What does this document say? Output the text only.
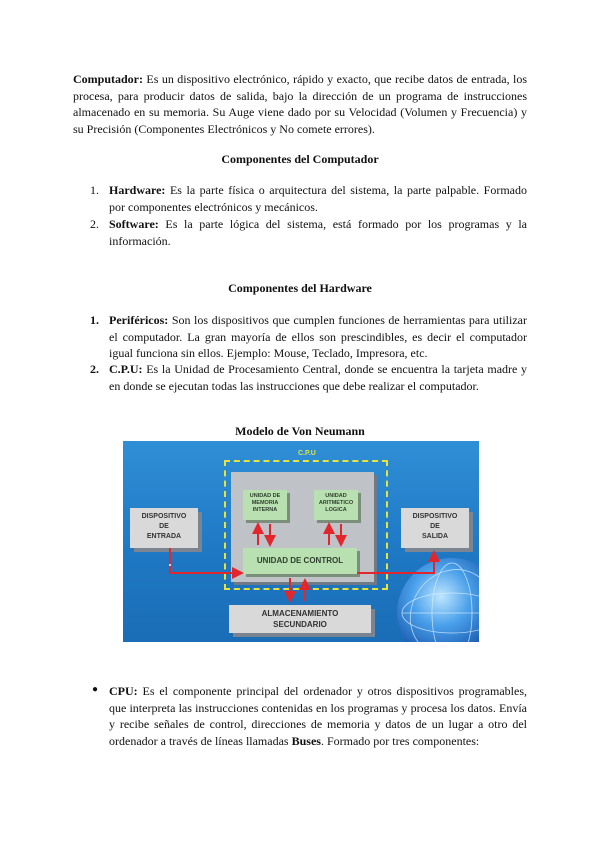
Computador: Es un dispositivo electrónico, rápido y exacto, que recibe datos de entrada, los procesa, para producir datos de salida, bajo la dirección de un programa de instrucciones almacenado en su memoria. Su Auge viene dado por su Velocidad (Volumen y Frecuencia) y su Precisión (Componentes Electrónicos y No comete errores).
Componentes del Computador
1. Hardware: Es la parte física o arquitectura del sistema, la parte palpable. Formado por componentes electrónicos y mecánicos.
2. Software: Es la parte lógica del sistema, está formado por los programas y la información.
Componentes del Hardware
1. Periféricos: Son los dispositivos que cumplen funciones de herramientas para utilizar el computador. La gran mayoría de ellos son prescindibles, es decir el computador igual funciona sin ellos. Ejemplo: Mouse, Teclado, Impresora, etc.
2. C.P.U: Es la Unidad de Procesamiento Central, donde se encuentra la tarjeta madre y en donde se ejecutan todas las instrucciones que debe realizar el computador.
Modelo de Von Neumann
C.P.U
UNIDAD DE
MEMORIA
INTERNA
UNIDAD
ARITMETICO
LOGICA
UNIDAD DE CONTROL
DISPOSITIVO
DE
ENTRADA
DISPOSITIVO
DE
SALIDA
ALMACENAMIENTO
SECUNDARIO
● CPU: Es el componente principal del ordenador y otros dispositivos programables, que interpreta las instrucciones contenidas en los programas y procesa los datos. Envía y recibe señales de control, direcciones de memoria y datos de un lugar a otro del ordenador a través de líneas llamadas Buses. Formado por tres componentes:
